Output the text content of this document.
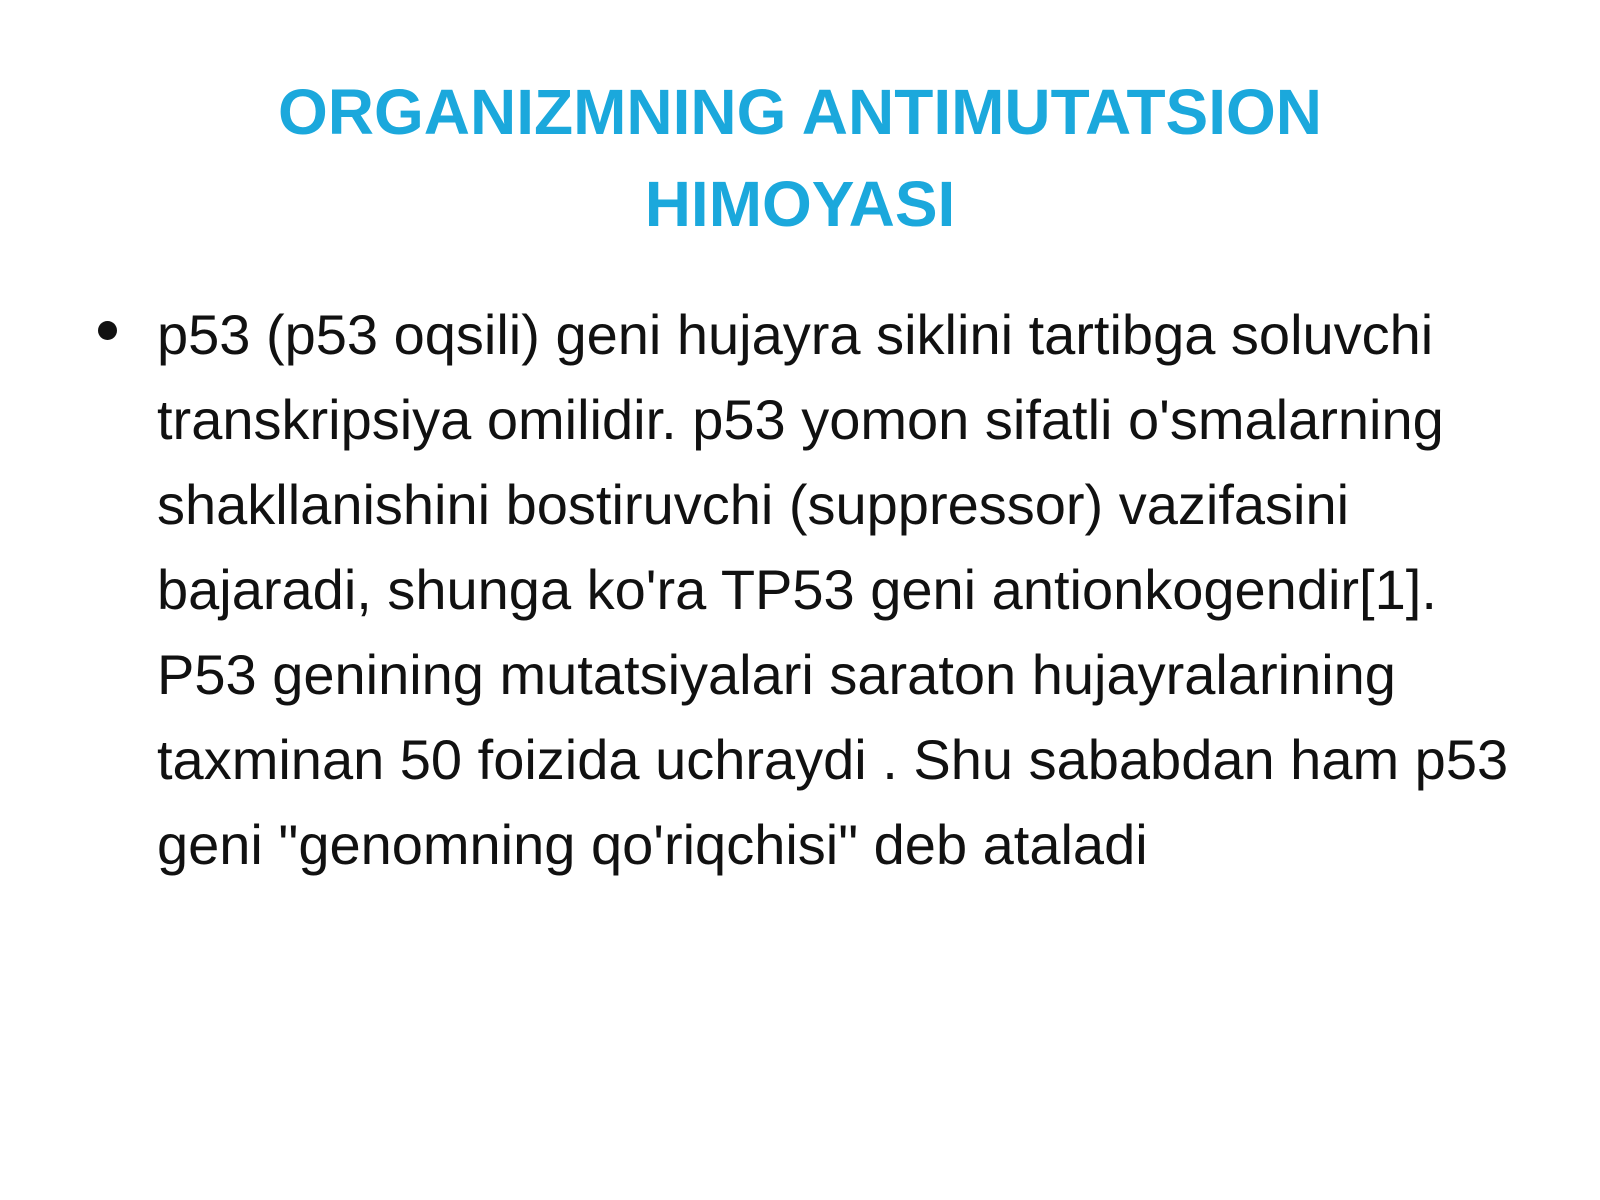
ORGANIZMNING ANTIMUTATSION HIMOYASI
p53 (p53 oqsili) geni hujayra siklini tartibga soluvchi transkripsiya omilidir. p53 yomon sifatli o'smalarning shakllanishini bostiruvchi (suppressor) vazifasini bajaradi, shunga ko'ra TP53 geni antionkogendir[1]. P53 genining mutatsiyalari saraton hujayralarining taxminan 50 foizida uchraydi . Shu sababdan ham p53 geni "genomning qo'riqchisi" deb ataladi
